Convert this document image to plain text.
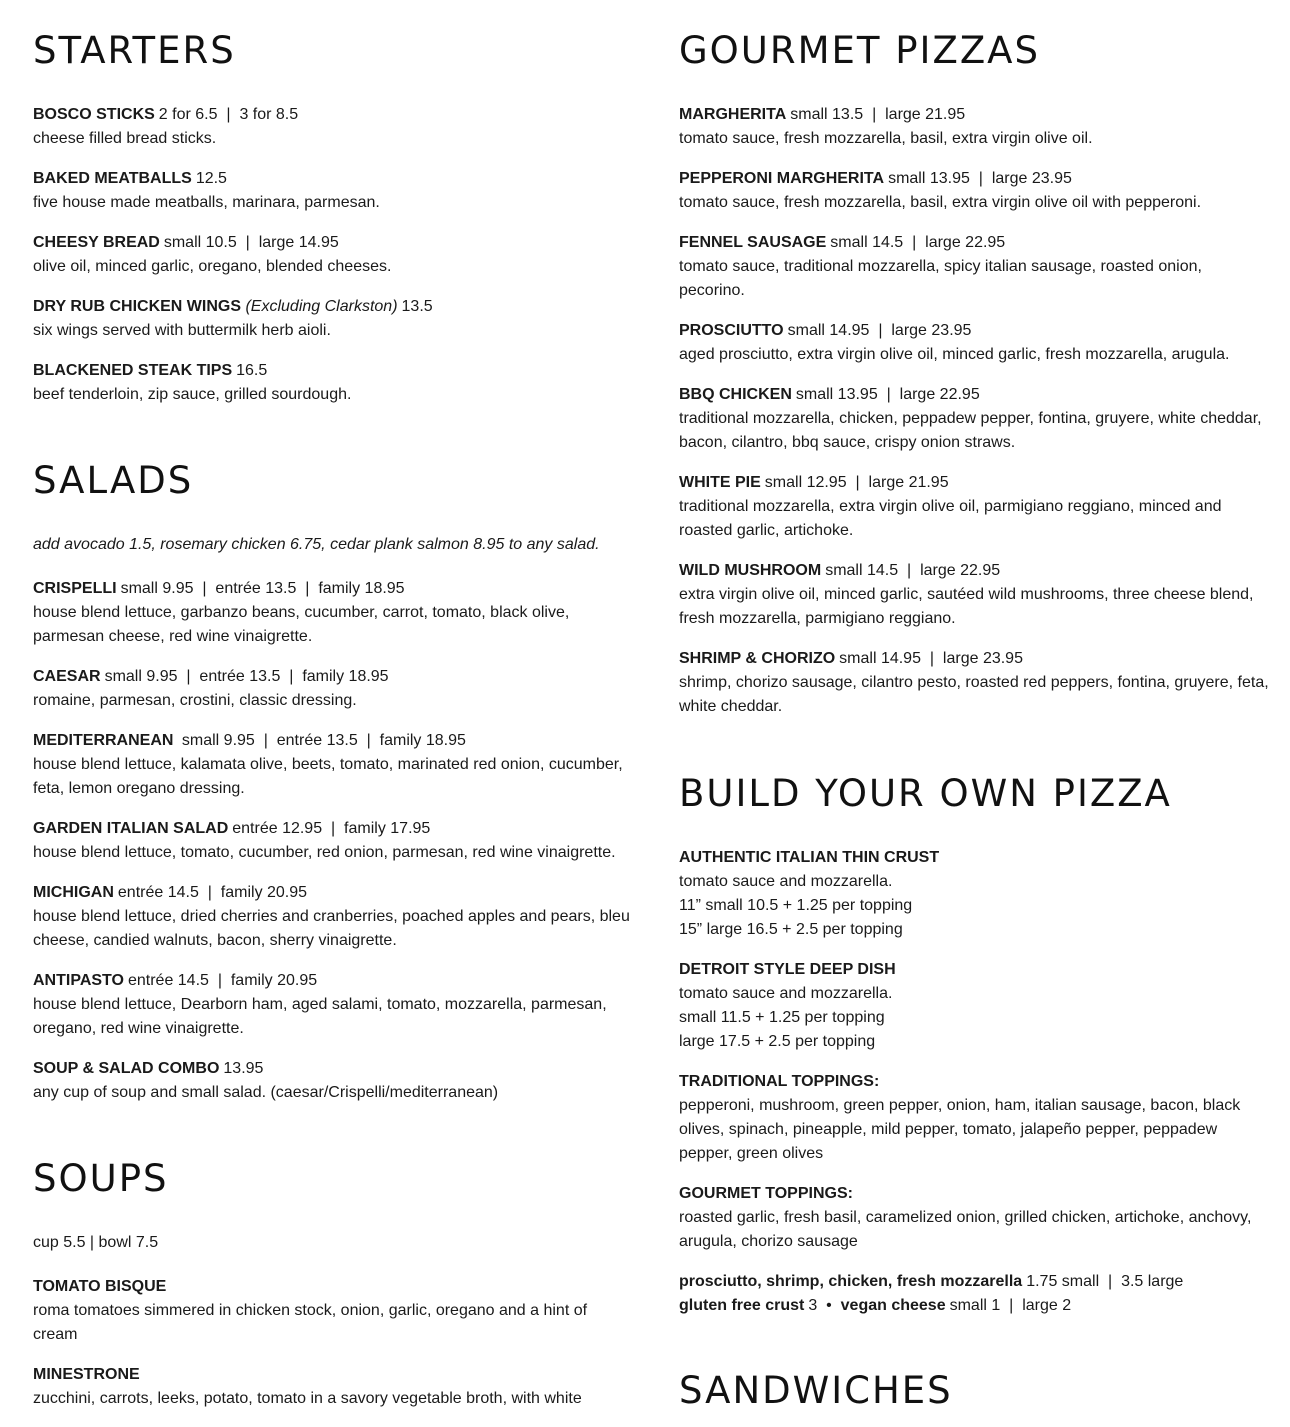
STARTERS
BOSCO STICKS 2 for 6.5  |  3 for 8.5
cheese filled bread sticks.
BAKED MEATBALLS 12.5
five house made meatballs, marinara, parmesan.
CHEESY BREAD small 10.5  |  large 14.95
olive oil, minced garlic, oregano, blended cheeses.
DRY RUB CHICKEN WINGS (Excluding Clarkston) 13.5
six wings served with buttermilk herb aioli.
BLACKENED STEAK TIPS 16.5
beef tenderloin, zip sauce, grilled sourdough.
SALADS
add avocado 1.5, rosemary chicken 6.75, cedar plank salmon 8.95 to any salad.
CRISPELLI small 9.95  |  entrée 13.5  |  family 18.95
house blend lettuce, garbanzo beans, cucumber, carrot, tomato, black olive, parmesan cheese, red wine vinaigrette.
CAESAR small 9.95  |  entrée 13.5  |  family 18.95
romaine, parmesan, crostini, classic dressing.
MEDITERRANEAN small 9.95  |  entrée 13.5  |  family 18.95
house blend lettuce, kalamata olive, beets, tomato, marinated red onion, cucumber, feta, lemon oregano dressing.
GARDEN ITALIAN SALAD entrée 12.95  |  family 17.95
house blend lettuce, tomato, cucumber, red onion, parmesan, red wine vinaigrette.
MICHIGAN entrée 14.5  |  family 20.95
house blend lettuce, dried cherries and cranberries, poached apples and pears, bleu cheese, candied walnuts, bacon, sherry vinaigrette.
ANTIPASTO entrée 14.5  |  family 20.95
house blend lettuce, Dearborn ham, aged salami, tomato, mozzarella, parmesan, oregano, red wine vinaigrette.
SOUP & SALAD COMBO 13.95
any cup of soup and small salad. (caesar/Crispelli/mediterranean)
SOUPS
cup 5.5 | bowl 7.5
TOMATO BISQUE
roma tomatoes simmered in chicken stock, onion, garlic, oregano and a hint of cream
MINESTRONE
zucchini, carrots, leeks, potato, tomato in a savory vegetable broth, with white
GOURMET PIZZAS
MARGHERITA small 13.5  |  large 21.95
tomato sauce, fresh mozzarella, basil, extra virgin olive oil.
PEPPERONI MARGHERITA small 13.95  |  large 23.95
tomato sauce, fresh mozzarella, basil, extra virgin olive oil with pepperoni.
FENNEL SAUSAGE small 14.5  |  large 22.95
tomato sauce, traditional mozzarella, spicy italian sausage, roasted onion, pecorino.
PROSCIUTTO small 14.95  |  large 23.95
aged prosciutto, extra virgin olive oil, minced garlic, fresh mozzarella, arugula.
BBQ CHICKEN small 13.95  |  large 22.95
traditional mozzarella, chicken, peppadew pepper, fontina, gruyere, white cheddar, bacon, cilantro, bbq sauce, crispy onion straws.
WHITE PIE small 12.95  |  large 21.95
traditional mozzarella, extra virgin olive oil, parmigiano reggiano, minced and roasted garlic, artichoke.
WILD MUSHROOM small 14.5  |  large 22.95
extra virgin olive oil, minced garlic, sautéed wild mushrooms, three cheese blend, fresh mozzarella, parmigiano reggiano.
SHRIMP & CHORIZO small 14.95  |  large 23.95
shrimp, chorizo sausage, cilantro pesto, roasted red peppers, fontina, gruyere, feta, white cheddar.
BUILD YOUR OWN PIZZA
AUTHENTIC ITALIAN THIN CRUST
tomato sauce and mozzarella.
11” small 10.5 + 1.25 per topping
15” large 16.5 + 2.5 per topping
DETROIT STYLE DEEP DISH
tomato sauce and mozzarella.
small 11.5 + 1.25 per topping
large 17.5 + 2.5 per topping
TRADITIONAL TOPPINGS:
pepperoni, mushroom, green pepper, onion, ham, italian sausage, bacon, black olives, spinach, pineapple, mild pepper, tomato, jalapeño pepper, peppadew pepper, green olives
GOURMET TOPPINGS:
roasted garlic, fresh basil, caramelized onion, grilled chicken, artichoke, anchovy, arugula, chorizo sausage
prosciutto, shrimp, chicken, fresh mozzarella 1.75 small  |  3.5 large
gluten free crust 3  •  vegan cheese small 1  |  large 2
SANDWICHES
